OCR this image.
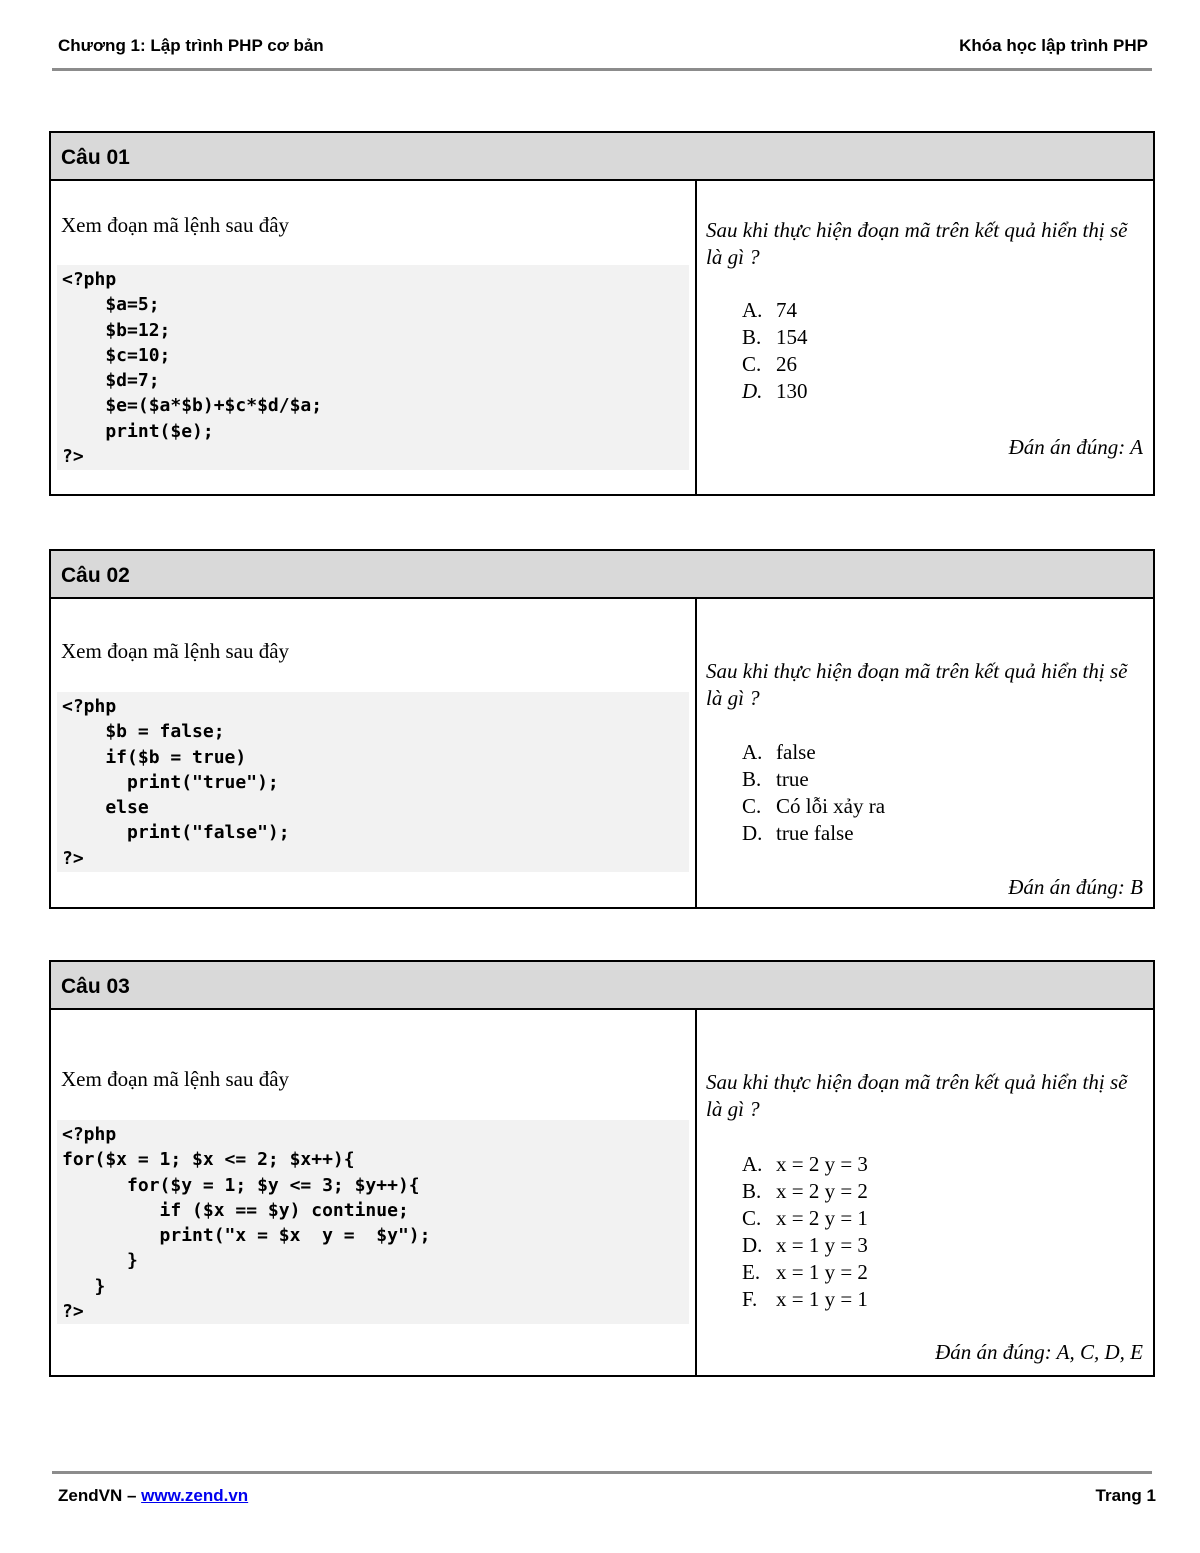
Chương 1: Lập trình PHP cơ bản	Khóa học lập trình PHP
Câu 01
Xem đoạn mã lệnh sau đây
<?php
$a=5;
$b=12;
$c=10;
$d=7;
$e=($a*$b)+$c*$d/$a;
print($e);
?>
Sau khi thực hiện đoạn mã trên kết quả hiển thị sẽ là gì ?
A. 74
B. 154
C. 26
D. 130
Đán án đúng: A
Câu 02
Xem đoạn mã lệnh sau đây
<?php
$b = false;
if($b = true)
print("true");
else
print("false");
?>
Sau khi thực hiện đoạn mã trên kết quả hiển thị sẽ là gì ?
A. false
B. true
C. Có lỗi xảy ra
D. true false
Đán án đúng: B
Câu 03
Xem đoạn mã lệnh sau đây
<?php
for($x = 1; $x <= 2; $x++){
for($y = 1; $y <= 3; $y++){
if ($x == $y) continue;
print("x = $x  y =  $y");
}
}
?>
Sau khi thực hiện đoạn mã trên kết quả hiển thị sẽ là gì ?
A. x = 2 y = 3
B. x = 2 y = 2
C. x = 2 y = 1
D. x = 1 y = 3
E. x = 1 y = 2
F. x = 1 y = 1
Đán án đúng: A, C, D, E
ZendVN – www.zend.vn	Trang 1
